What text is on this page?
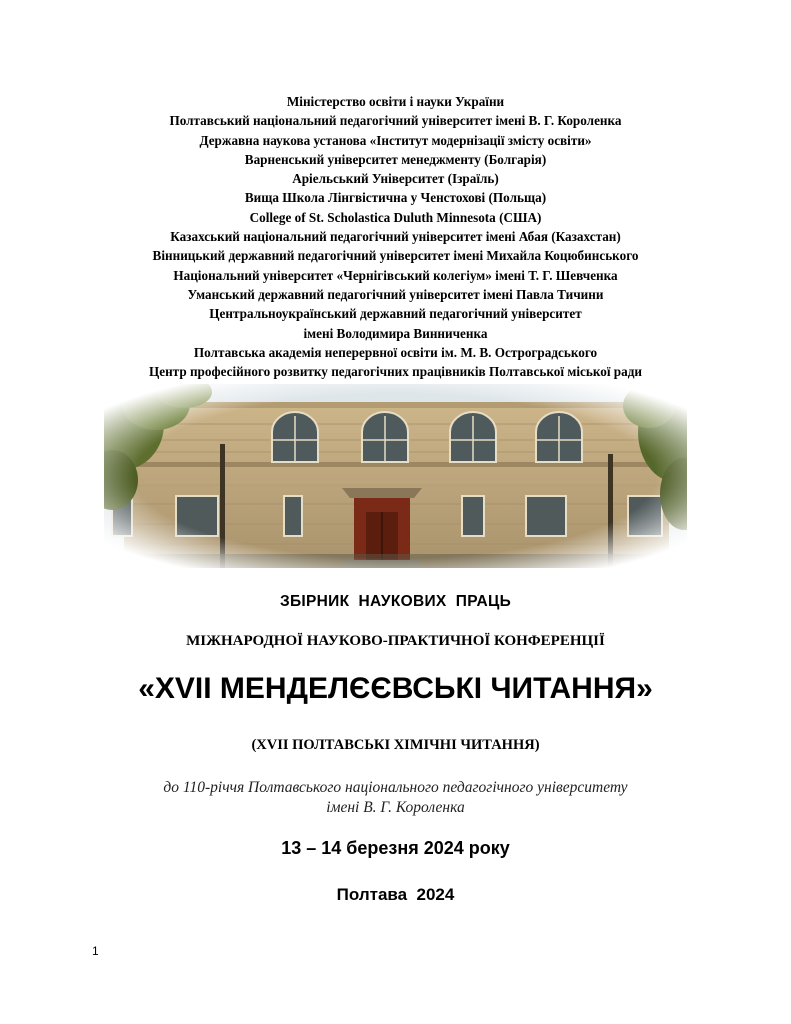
Міністерство освіти і науки України
Полтавський національний педагогічний університет імені В. Г. Короленка
Державна наукова установа «Інститут модернізації змісту освіти»
Варненський університет менеджменту (Болгарія)
Аріельський Університет (Ізраїль)
Вища Школа Лінгвістична у Ченстохові (Польща)
College of St. Scholastica Duluth Minnesota (США)
Казахський національний педагогічний університет імені Абая (Казахстан)
Вінницький державний педагогічний університет імені Михайла Коцюбинського
Національний університет «Чернігівський колегіум» імені Т. Г. Шевченка
Уманський державний педагогічний університет імені Павла Тичини
Центральноукраїнський державний педагогічний університет
імені Володимира Винниченка
Полтавська академія неперервної освіти ім. М. В. Остроградського
Центр професійного розвитку педагогічних працівників Полтавської міської ради
ЗБІРНИК  НАУКОВИХ  ПРАЦЬ
МІЖНАРОДНОЇ НАУКОВО-ПРАКТИЧНОЇ КОНФЕРЕНЦІЇ
«XVII МЕНДЕЛЄЄВСЬКІ ЧИТАННЯ»
(XVII ПОЛТАВСЬКІ ХІМІЧНІ ЧИТАННЯ)
до 110-річчя Полтавського національного педагогічного університету
імені В. Г. Короленка
13 – 14 березня 2024 року
Полтава  2024
1
